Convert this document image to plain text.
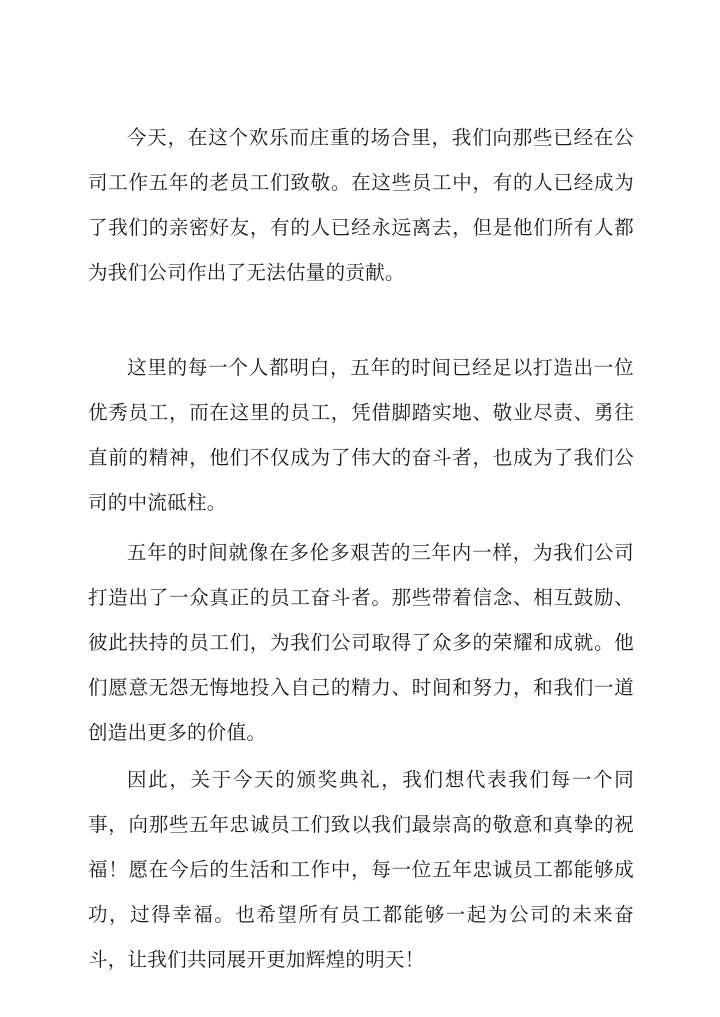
今天，在这个欢乐而庄重的场合里，我们向那些已经在公司工作五年的老员工们致敬。在这些员工中，有的人已经成为了我们的亲密好友，有的人已经永远离去，但是他们所有人都为我们公司作出了无法估量的贡献。

这里的每一个人都明白，五年的时间已经足以打造出一位优秀员工，而在这里的员工，凭借脚踏实地、敬业尽责、勇往直前的精神，他们不仅成为了伟大的奋斗者，也成为了我们公司的中流砥柱。

五年的时间就像在多伦多艰苦的三年内一样，为我们公司打造出了一众真正的员工奋斗者。那些带着信念、相互鼓励、彼此扶持的员工们，为我们公司取得了众多的荣耀和成就。他们愿意无怨无悔地投入自己的精力、时间和努力，和我们一道创造出更多的价值。

因此，关于今天的颁奖典礼，我们想代表我们每一个同事，向那些五年忠诚员工们致以我们最崇高的敬意和真挚的祝福！愿在今后的生活和工作中，每一位五年忠诚员工都能够成功，过得幸福。也希望所有员工都能够一起为公司的未来奋斗，让我们共同展开更加辉煌的明天！
